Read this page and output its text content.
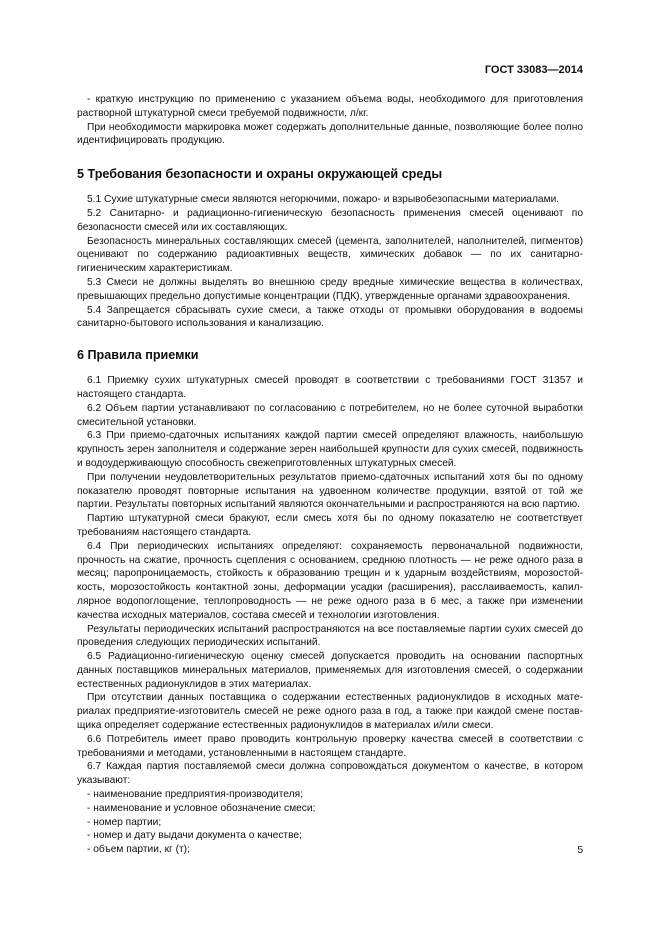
ГОСТ 33083—2014

- краткую инструкцию по применению с указанием объема воды, необходимого для приготовления растворной штукатурной смеси требуемой подвижности, л/кг.

При необходимости маркировка может содержать дополнительные данные, позволяющие более полно идентифицировать продукцию.

5 Требования безопасности и охраны окружающей среды

5.1 Сухие штукатурные смеси являются негорючими, пожаро- и взрывобезопасными материалами.

5.2 Санитарно- и радиационно-гигиеническую безопасность применения смесей оценивают по безопасности смесей или их составляющих.

Безопасность минеральных составляющих смесей (цемента, заполнителей, наполнителей, пигментов) оценивают по содержанию радиоактивных веществ, химических добавок — по их санитарно-гигиеническим характеристикам.

5.3 Смеси не должны выделять во внешнюю среду вредные химические вещества в количествах, превышающих предельно допустимые концентрации (ПДК), утвержденные органами здравоохранения.

5.4 Запрещается сбрасывать сухие смеси, а также отходы от промывки оборудования в водоемы санитарно-бытового использования и канализацию.

6 Правила приемки

6.1 Приемку сухих штукатурных смесей проводят в соответствии с требованиями ГОСТ 31357 и настоящего стандарта.

6.2 Объем партии устанавливают по согласованию с потребителем, но не более суточной выработки смесительной установки.

6.3 При приемо-сдаточных испытаниях каждой партии смесей определяют влажность, наибольшую крупность зерен заполнителя и содержание зерен наибольшей крупности для сухих смесей, подвижность и водоудерживающую способность свежеприготовленных штукатурных смесей.

При получении неудовлетворительных результатов приемо-сдаточных испытаний хотя бы по одному показателю проводят повторные испытания на удвоенном количестве продукции, взятой от той же партии. Результаты повторных испытаний являются окончательными и распространяются на всю партию.

Партию штукатурной смеси бракуют, если смесь хотя бы по одному показателю не соответствует требованиям настоящего стандарта.

6.4 При периодических испытаниях определяют: сохраняемость первоначальной подвижности, прочность на сжатие, прочность сцепления с основанием, среднюю плотность — не реже одного раза в месяц; паропроницаемость, стойкость к образованию трещин и к ударным воздействиям, морозостойкость, морозостойкость контактной зоны, деформации усадки (расширения), расслаиваемость, капиллярное водопоглощение, теплопроводность — не реже одного раза в 6 мес, а также при изменении качества исходных материалов, состава смесей и технологии изготовления.

Результаты периодических испытаний распространяются на все поставляемые партии сухих смесей до проведения следующих периодических испытаний.

6.5 Радиационно-гигиеническую оценку смесей допускается проводить на основании паспортных данных поставщиков минеральных материалов, применяемых для изготовления смесей, о содержании естественных радионуклидов в этих материалах.

При отсутствии данных поставщика о содержании естественных радионуклидов в исходных материалах предприятие-изготовитель смесей не реже одного раза в год, а также при каждой смене поставщика определяет содержание естественных радионуклидов в материалах и/или смеси.

6.6 Потребитель имеет право проводить контрольную проверку качества смесей в соответствии с требованиями и методами, установленными в настоящем стандарте.

6.7 Каждая партия поставляемой смеси должна сопровождаться документом о качестве, в котором указывают:

- наименование предприятия-производителя;

- наименование и условное обозначение смеси;

- номер партии;

- номер и дату выдачи документа о качестве;

- объем партии, кг (т);	5
